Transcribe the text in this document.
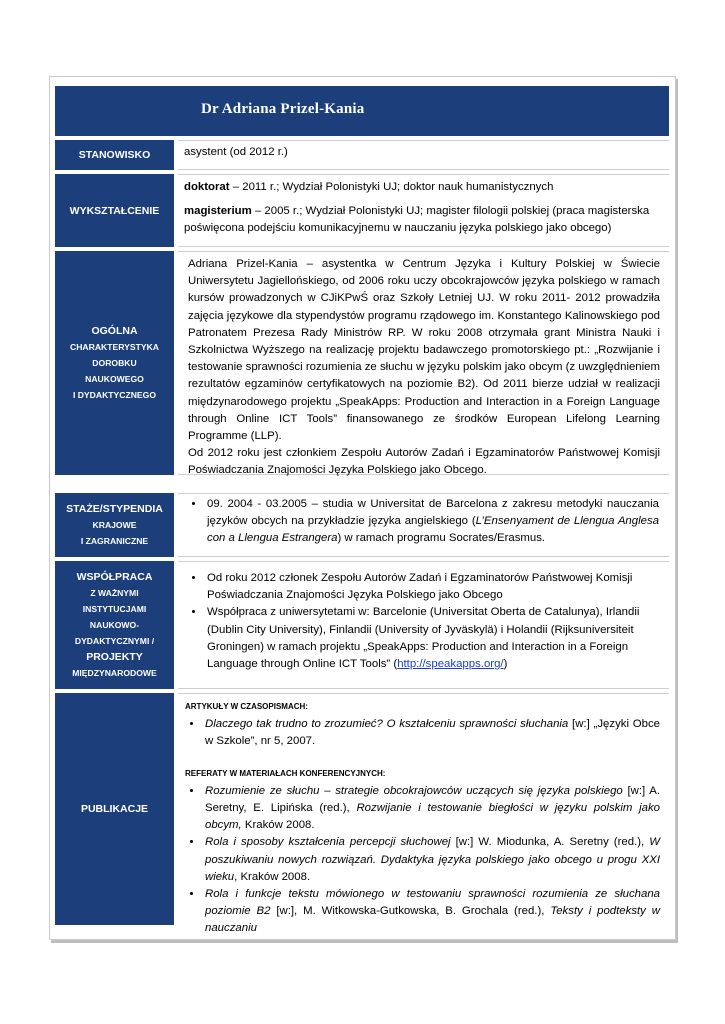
Dr Adriana Prizel-Kania
STANOWISKO	asystent (od 2012 r.)

WYKSZTAŁCENIE

doktorat – 2011 r.; Wydział Polonistyki UJ; doktor nauk humanistycznych

magisterium – 2005 r.; Wydział Polonistyki UJ; magister filologii polskiej (praca magisterska poświęcona podejściu komunikacyjnemu w nauczaniu języka polskiego jako obcego)

OGÓLNA
CHARAKTERYSTYKA
DOROBKU
NAUKOWEGO
I DYDAKTYCZNEGO

Adriana Prizel-Kania – asystentka w Centrum Języka i Kultury Polskiej w Świecie Uniwersytetu Jagiellońskiego, od 2006 roku uczy obcokrajowców języka polskiego w ramach kursów prowadzonych w CJiKPwŚ oraz Szkoły Letniej UJ. W roku 2011- 2012 prowadziła zajęcia językowe dla stypendystów programu rządowego im. Konstantego Kalinowskiego pod Patronatem Prezesa Rady Ministrów RP. W roku 2008 otrzymała grant Ministra Nauki i Szkolnictwa Wyższego na realizację projektu badawczego promotorskiego pt.: „Rozwijanie i testowanie sprawności rozumienia ze słuchu w języku polskim jako obcym (z uwzględnieniem rezultatów egzaminów certyfikatowych na poziomie B2). Od 2011 bierze udział w realizacji międzynarodowego projektu „SpeakApps: Production and Interaction in a Foreign Language through Online ICT Tools” finansowanego ze środków European Lifelong Learning Programme (LLP).

Od 2012 roku jest członkiem Zespołu Autorów Zadań i Egzaminatorów Państwowej Komisji Poświadczania Znajomości Języka Polskiego jako Obcego.

STAŻE/STYPENDIA
KRAJOWE
I ZAGRANICZNE
• 09. 2004 - 03.2005 – studia w Universitat de Barcelona z zakresu metodyki nauczania języków obcych na przykładzie języka angielskiego (L’Ensenyament de Llengua Anglesa con a Llengua Estrangera) w ramach programu Socrates/Erasmus.
WSPÓŁPRACA
Z WAŻNYMI
INSTYTUCJAMI
NAUKOWO-
DYDAKTYCZNYMI /
PROJEKTY
MIĘDZYNARODOWE
• Od roku 2012 członek Zespołu Autorów Zadań i Egzaminatorów Państwowej Komisji Poświadczania Znajomości Języka Polskiego jako Obcego
• Współpraca z uniwersytetami w: Barcelonie (Universitat Oberta de Catalunya), Irlandii (Dublin City University), Finlandii (University of Jyväskylä) i Holandii (Rijksuniversiteit Groningen) w ramach projektu „SpeakApps: Production and Interaction in a Foreign Language through Online ICT Tools” (http://speakapps.org/)
PUBLIKACJE

ARTYKUŁY W CZASOPISMACH:

• Dlaczego tak trudno to zrozumieć? O kształceniu sprawności słuchania [w:] „Języki Obce w Szkole”, nr 5, 2007.

REFERATY W MATERIAŁACH KONFERENCYJNYCH:

• Rozumienie ze słuchu – strategie obcokrajowców uczących się języka polskiego [w:] A. Seretny, E. Lipińska (red.), Rozwijanie i testowanie biegłości w języku polskim jako obcym, Kraków 2008.
• Rola i sposoby kształcenia percepcji słuchowej [w:] W. Miodunka, A. Seretny (red.), W poszukiwaniu nowych rozwiązań. Dydaktyka języka polskiego jako obcego u progu XXI wieku, Kraków 2008.
• Rola i funkcje tekstu mówionego w testowaniu sprawności rozumienia ze słuchana poziomie B2 [w:], M. Witkowska-Gutkowska, B. Grochala (red.), Teksty i podteksty w nauczaniu
